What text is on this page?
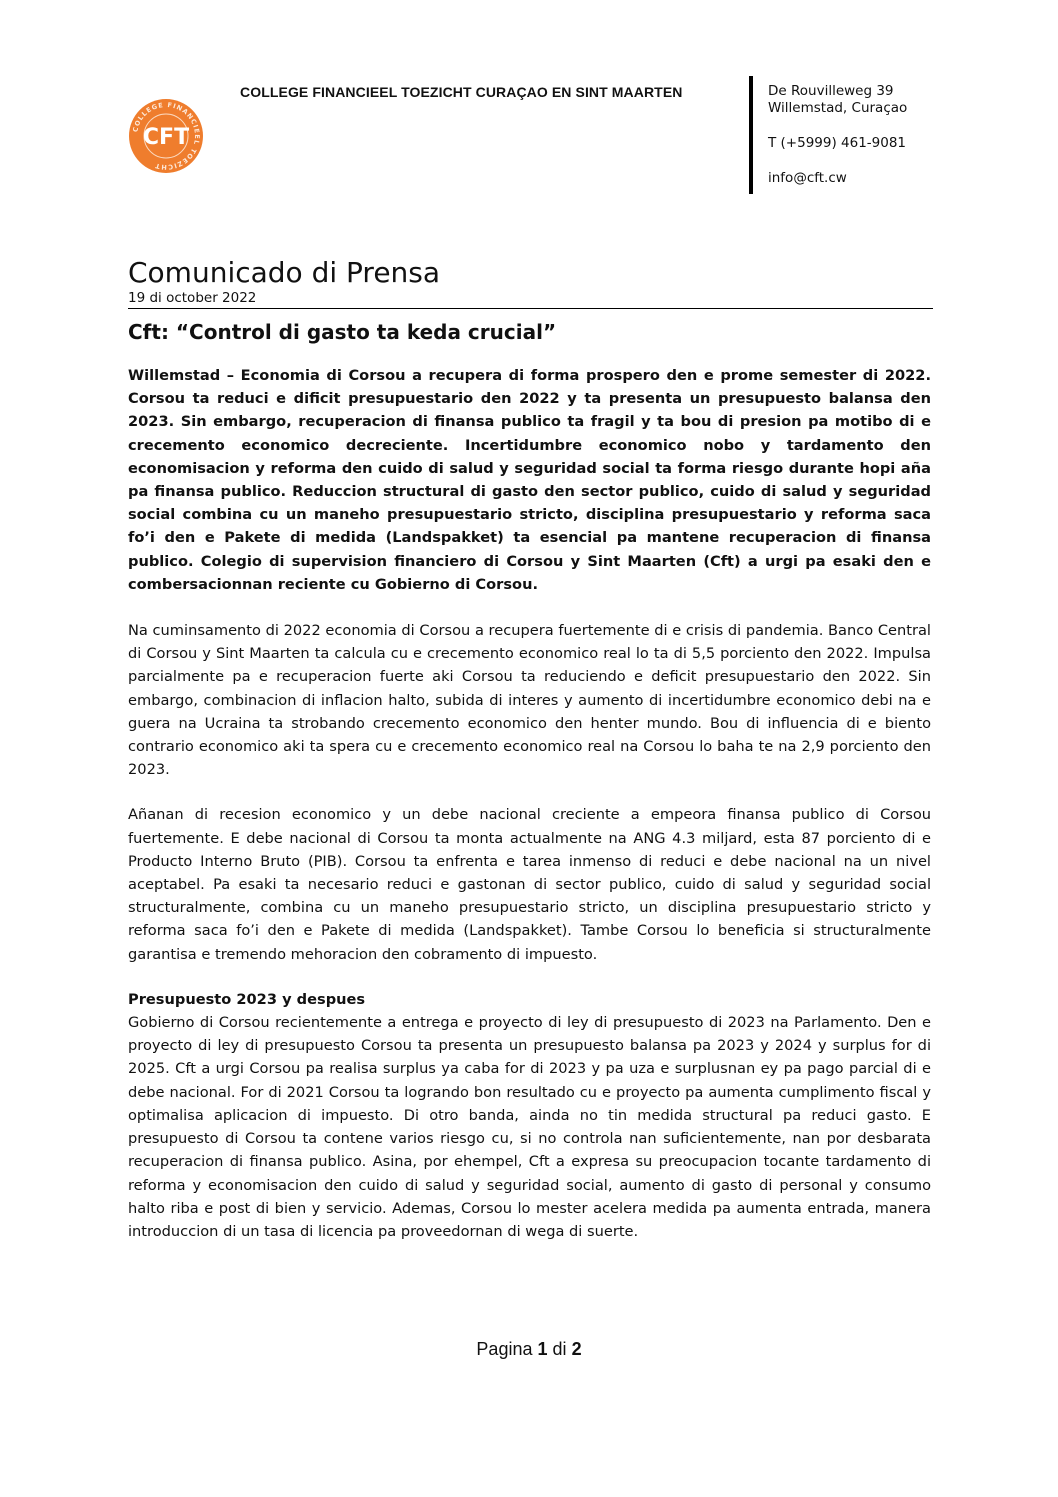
COLLEGE FINANCIEEL TOEZICHT
CFT
COLLEGE FINANCIEEL TOEZICHT CURAÇAO EN SINT MAARTEN	De Rouvilleweg 39
Willemstad, Curaçao
T (+5999) 461-9081
info@cft.cw
Comunicado di Prensa
19 di october 2022
Cft: “Control di gasto ta keda crucial”

Willemstad – Economia di Corsou a recupera di forma prospero den e prome semester di 2022. Corsou ta reduci e dificit presupuestario den 2022 y ta presenta un presupuesto balansa den 2023. Sin embargo, recuperacion di finansa publico ta fragil y ta bou di presion pa motibo di e crecemento economico decreciente. Incertidumbre economico nobo y tardamento den economisacion y reforma den cuido di salud y seguridad social ta forma riesgo durante hopi aña pa finansa publico. Reduccion structural di gasto den sector publico, cuido di salud y seguridad social combina cu un maneho presupuestario stricto, disciplina presupuestario y reforma saca fo’i den e Pakete di medida (Landspakket) ta esencial pa mantene recuperacion di finansa publico. Colegio di supervision financiero di Corsou y Sint Maarten (Cft) a urgi pa esaki den e combersacionnan reciente cu Gobierno di Corsou.

Na cuminsamento di 2022 economia di Corsou a recupera fuertemente di e crisis di pandemia. Banco Central di Corsou y Sint Maarten ta calcula cu e crecemento economico real lo ta di 5,5 porciento den 2022. Impulsa parcialmente pa e recuperacion fuerte aki Corsou ta reduciendo e deficit presupuestario den 2022. Sin embargo, combinacion di inflacion halto, subida di interes y aumento di incertidumbre economico debi na e guera na Ucraina ta strobando crecemento economico den henter mundo. Bou di influencia di e biento contrario economico aki ta spera cu e crecemento economico real na Corsou lo baha te na 2,9 porciento den 2023.

Añanan di recesion economico y un debe nacional creciente a empeora finansa publico di Corsou fuertemente. E debe nacional di Corsou ta monta actualmente na ANG 4.3 miljard, esta 87 porciento di e Producto Interno Bruto (PIB). Corsou ta enfrenta e tarea inmenso di reduci e debe nacional na un nivel aceptabel. Pa esaki ta necesario reduci e gastonan di sector publico, cuido di salud y seguridad social structuralmente, combina cu un maneho presupuestario stricto, un disciplina presupuestario stricto y reforma saca fo’i den e Pakete di medida (Landspakket). Tambe Corsou lo beneficia si structuralmente garantisa e tremendo mehoracion den cobramento di impuesto.

Presupuesto 2023 y despues

Gobierno di Corsou recientemente a entrega e proyecto di ley di presupuesto di 2023 na Parlamento. Den e proyecto di ley di presupuesto Corsou ta presenta un presupuesto balansa pa 2023 y 2024 y surplus for di 2025. Cft a urgi Corsou pa realisa surplus ya caba for di 2023 y pa uza e surplusnan ey pa pago parcial di e debe nacional. For di 2021 Corsou ta logrando bon resultado cu e proyecto pa aumenta cumplimento fiscal y optimalisa aplicacion di impuesto. Di otro banda, ainda no tin medida structural pa reduci gasto. E presupuesto di Corsou ta contene varios riesgo cu, si no controla nan suficientemente, nan por desbarata recuperacion di finansa publico. Asina, por ehempel, Cft a expresa su preocupacion tocante tardamento di reforma y economisacion den cuido di salud y seguridad social, aumento di gasto di personal y consumo halto riba e post di bien y servicio. Ademas, Corsou lo mester acelera medida pa aumenta entrada, manera introduccion di un tasa di licencia pa proveedornan di wega di suerte.

Pagina 1 di 2
